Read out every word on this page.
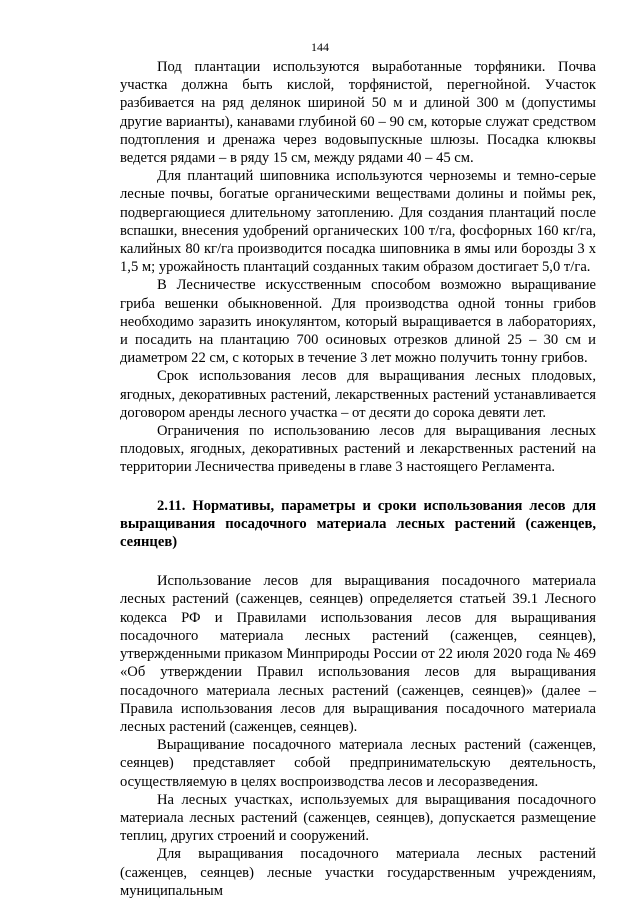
144

Под плантации используются выработанные торфяники. Почва участка должна быть кислой, торфянистой, перегнойной. Участок разбивается на ряд делянок шириной 50 м и длиной 300 м (допустимы другие варианты), канавами глубиной 60 – 90 см, которые служат средством подтопления и дренажа через водовыпускные шлюзы. Посадка клюквы ведется рядами – в ряду 15 см, между рядами 40 – 45 см.

Для плантаций шиповника используются черноземы и темно-серые лесные почвы, богатые органическими веществами долины и поймы рек, подвергающиеся длительному затоплению. Для создания плантаций после вспашки, внесения удобрений органических 100 т/га, фосфорных 160 кг/га, калийных 80 кг/га производится посадка шиповника в ямы или борозды 3 х 1,5 м; урожайность плантаций созданных таким образом достигает 5,0 т/га.

В Лесничестве искусственным способом возможно выращивание гриба вешенки обыкновенной. Для производства одной тонны грибов необходимо заразить инокулянтом, который выращивается в лабораториях, и посадить на плантацию 700 осиновых отрезков длиной 25 – 30 см и диаметром 22 см, с которых в течение 3 лет можно получить тонну грибов.

Срок использования лесов для выращивания лесных плодовых, ягодных, декоративных растений, лекарственных растений устанавливается договором аренды лесного участка – от десяти до сорока девяти лет.

Ограничения по использованию лесов для выращивания лесных плодовых, ягодных, декоративных растений и лекарственных растений на территории Лесничества приведены в главе 3 настоящего Регламента.

2.11. Нормативы, параметры и сроки использования лесов для выращивания посадочного материала лесных растений (саженцев, сеянцев)

Использование лесов для выращивания посадочного материала лесных растений (саженцев, сеянцев) определяется статьей 39.1 Лесного кодекса РФ и Правилами использования лесов для выращивания посадочного материала лесных растений (саженцев, сеянцев), утвержденными приказом Минприроды России от 22 июля 2020 года № 469 «Об утверждении Правил использования лесов для выращивания посадочного материала лесных растений (саженцев, сеянцев)» (далее – Правила использования лесов для выращивания посадочного материала лесных растений (саженцев, сеянцев).

Выращивание посадочного материала лесных растений (саженцев, сеянцев) представляет собой предпринимательскую деятельность, осуществляемую в целях воспроизводства лесов и лесоразведения.

На лесных участках, используемых для выращивания посадочного материала лесных растений (саженцев, сеянцев), допускается размещение теплиц, других строений и сооружений.

Для выращивания посадочного материала лесных растений (саженцев, сеянцев) лесные участки государственным учреждениям, муниципальным
